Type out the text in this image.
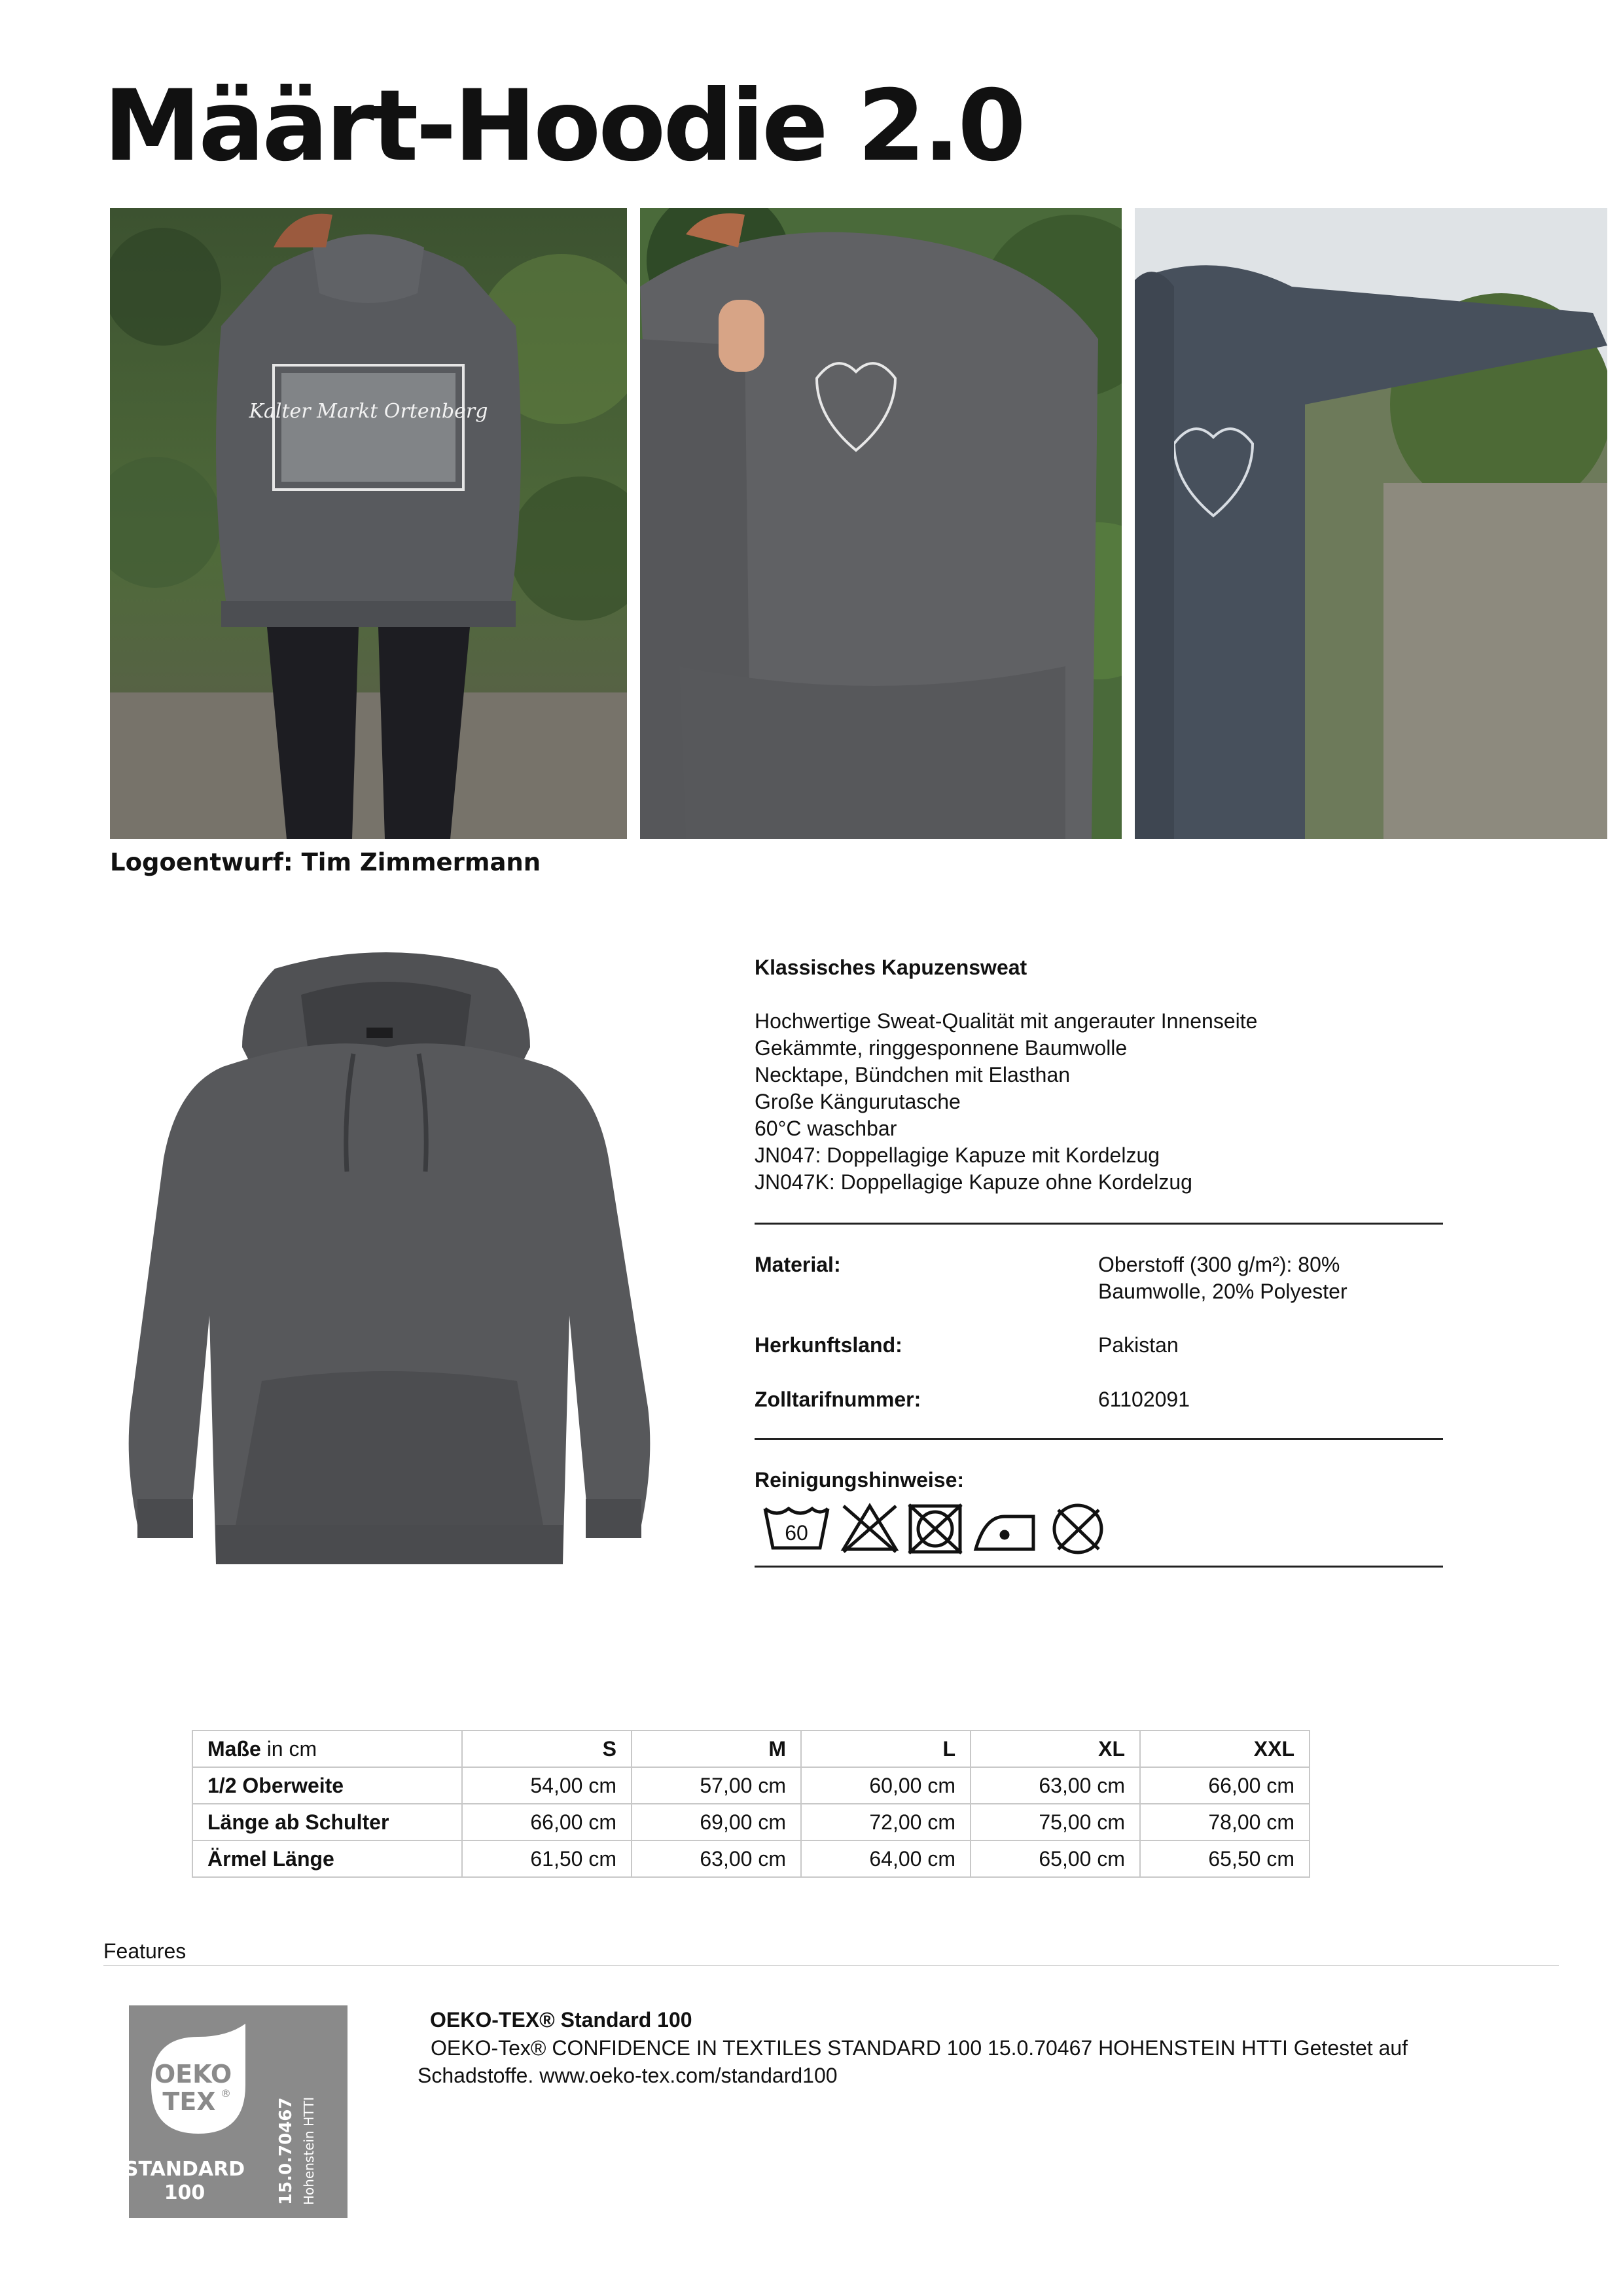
Määrt-Hoodie 2.0
Kalter Markt Ortenberg
Logoentwurf: Tim Zimmermann
Klassisches Kapuzensweat
Hochwertige Sweat-Qualität mit angerauter Innenseite
Gekämmte, ringgesponnene Baumwolle
Necktape, Bündchen mit Elasthan
Große Kängurutasche
60°C waschbar
JN047: Doppellagige Kapuze mit Kordelzug
JN047K: Doppellagige Kapuze ohne Kordelzug
Material:	Oberstoff (300 g/m²): 80% Baumwolle, 20% Polyester
Herkunftsland:	Pakistan
Zolltarifnummer:	61102091
Reinigungshinweise:
60
Maße in cm	S	M	L	XL	XXL
1/2 Oberweite	54,00 cm	57,00 cm	60,00 cm	63,00 cm	66,00 cm
Länge ab Schulter	66,00 cm	69,00 cm	72,00 cm	75,00 cm	78,00 cm
Ärmel Länge	61,50 cm	63,00 cm	64,00 cm	65,00 cm	65,50 cm
Features
OEKO
TEX ®
STANDARD
100	15.0.70467 Hohenstein HTTI
OEKO-TEX® Standard 100
OEKO-Tex® CONFIDENCE IN TEXTILES STANDARD 100 15.0.70467 HOHENSTEIN HTTI Getestet auf Schadstoffe. www.oeko-tex.com/standard100
